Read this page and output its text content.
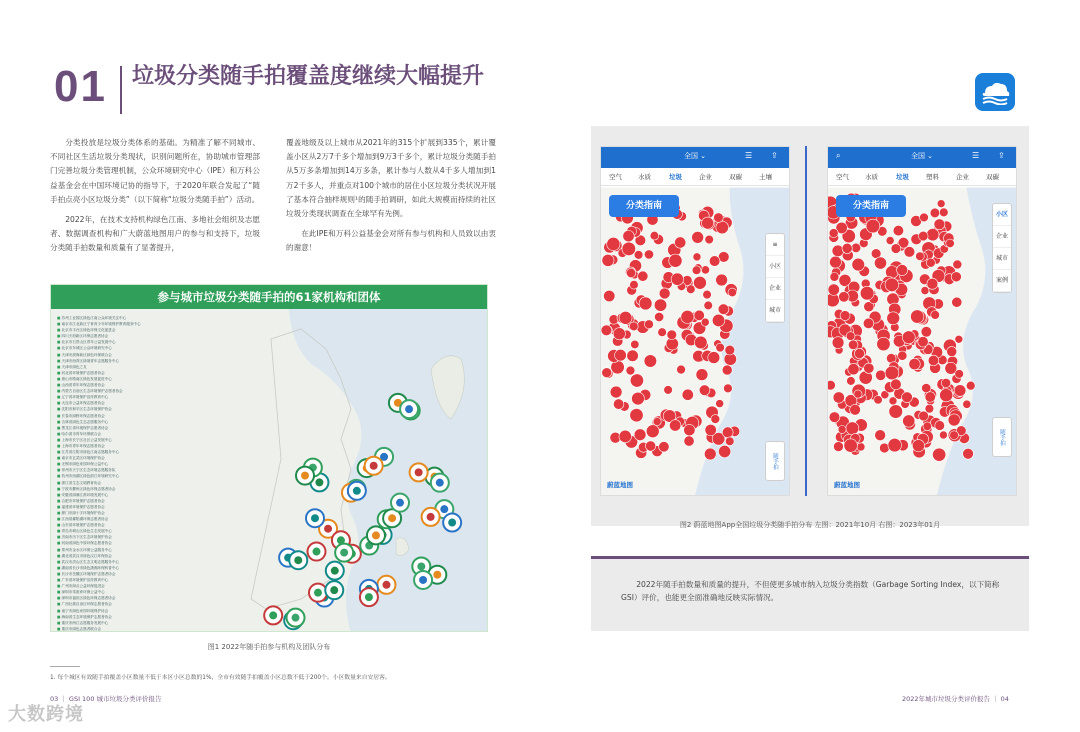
01 垃圾分类随手拍覆盖度继续大幅提升

分类投放是垃圾分类体系的基础。为精准了解不同城市、不同社区生活垃圾分类现状，识别问题所在，协助城市管理部门完善垃圾分类管理机制，公众环境研究中心（IPE）和万科公益基金会在中国环境记协的指导下，于2020年联合发起了“随手拍点亮小区垃圾分类”（以下简称“垃圾分类随手拍”）活动。

2022年，在技术支持机构绿色江南、多地社会组织及志愿者、数据调查机构和广大蔚蓝地图用户的参与和支持下，垃圾分类随手拍数量和质量有了显著提升，

覆盖地级及以上城市从2021年的315个扩展到335个，累计覆盖小区从2万7千多个增加到9万3千多个，累计垃圾分类随手拍从5万多条增加到14万多条，累计参与人数从4千多人增加到1万2千多人，并重点对100个城市的居住小区垃圾分类状况开展了基本符合抽样规则¹的随手拍调研，如此大规模而持续的社区垃圾分类现状调查在全球罕有先例。

在此IPE和万科公益基金会对所有参与机构和人员致以由衷的谢意！

参与城市垃圾分类随手拍的61家机构和团体
■ 苏州工业园区绿色江南公众环境关注中心
■ 南京市江北新区宁育育少年环境保护教育服务中心
■ 北京市丰台区绿色环保文化促进会
■ 四川天府新区环保志愿者协会
■ 北京市石景山区青年公益发展中心
■ 北京市东城区公众环境研究中心
■ 天津市滨海新区绿色环保联合会
■ 天津市西青区绿境青年志愿服务中心
■ 天津市绿色之友
■ 河北省环境保护志愿者协会
■ 唐山市路南区绿色发展促进中心
■ 山西省青年环保志愿者协会
■ 内蒙古自治区生态环境保护志愿者协会
■ 辽宁省环境保护宣传教育中心
■ 大连市公益环保志愿者协会
■ 沈阳市和平区生态环境保护协会
■ 长春市绿野环保志愿者协会
■ 吉林省绿色生态志愿服务中心
■ 黑龙江省环境保护志愿者协会
■ 哈尔滨市青年环保联合会
■ 上海市长宁区社区公益发展中心
■ 上海市青年环保志愿者协会
■ 江苏省江阴市绿色江南志愿服务中心
■ 南京市玄武区环境保护协会
■ 无锡市绿色家园环保公益中心
■ 常州市天宁区生态环境志愿服务队
■ 杭州市西湖区绿色浙江环境研究中心
■ 浙江省生态文明教育协会
■ 宁波市鄞州区绿色环保志愿者协会
■ 安徽省绿满江淮环境发展中心
■ 合肥市环境保护志愿者协会
■ 福建省环境保护志愿者协会
■ 厦门市绿十字环境保护协会
■ 江西省鄱阳湖环保志愿者协会
■ 山东省环境保护志愿者协会
■ 青岛市崂山区绿色生态发展中心
■ 济南市历下区生态环境保护协会
■ 河南省绿色中原环保志愿者协会
■ 郑州市金水区环保公益服务中心
■ 湖北省武汉市绿色汉江环保协会
■ 武汉市洪山区生态文明志愿服务中心
■ 湖南省长沙市绿色潇湘环保科普中心
■ 长沙市岳麓区环境保护志愿者协会
■ 广东省环境保护宣传教育中心
■ 广州市绿点公益环保促进会
■ 深圳市零废弃环保公益中心
■ 深圳市福田区绿色环保志愿者协会
■ 广西壮族自治区环保志愿者协会
■ 南宁市绿色家园环境保护协会
■ 海南省生态环境保护志愿者协会
■ 重庆市两江志愿服务发展中心
■ 重庆市绿色志愿者联合会
■
图1 2022年随手拍参与机构及团队分布
全国 ⌄	☰ ⇪
空气 水质	垃圾	企业	双碳	土壤
分类指南
≡
小区
企业
城市
随手拍
蔚蓝地图
⌕	全国 ⌄	☰ ⇪
空气 水质	垃圾	塑料	企业	双碳
分类指南
小区
企业
城市
案例
随手拍
蔚蓝地图
图2 蔚蓝地图App全国垃圾分类随手拍分布 左图：2021年10月 右图：2023年01月

2022年随手拍数量和质量的提升，不但使更多城市纳入垃圾分类指数（Garbage Sorting Index，以下简称GSI）评价，也能更全面准确地反映实际情况。

1. 每个城区有效随手拍覆盖小区数量不低于本区小区总数的1%，全市有效随手拍覆盖小区总数不低于200个。小区数量来自安居客。
03 ｜ GSI 100 城市垃圾分类评价报告	2022年城市垃圾分类评价报告 ｜ 04
大数跨境
